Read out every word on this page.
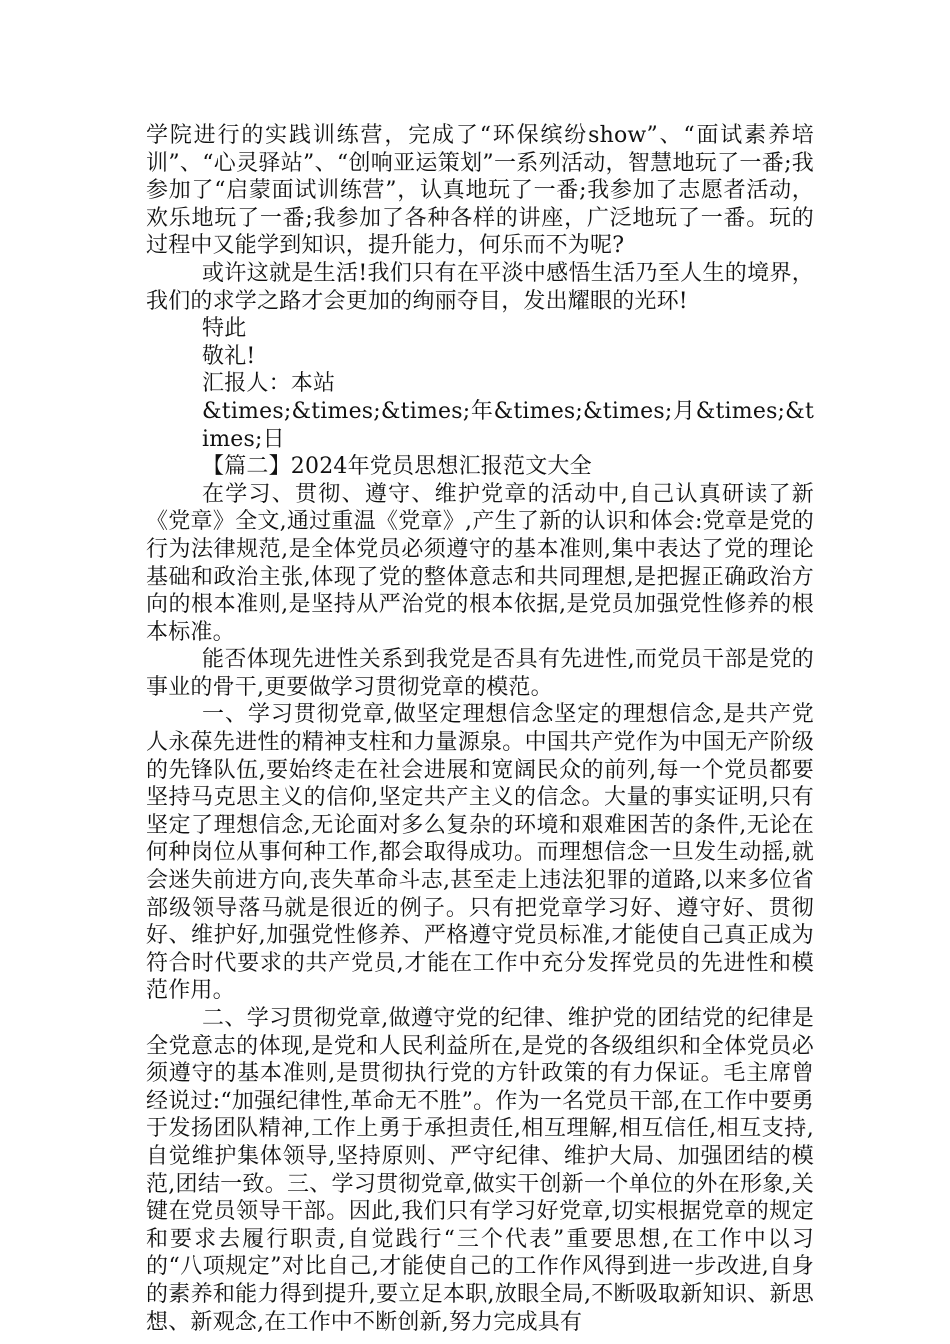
学院进行的实践训练营，完成了“环保缤纷show”、“面试素养培训”、“心灵驿站”、“创响亚运策划”一系列活动，智慧地玩了一番;我参加了“启蒙面试训练营”，认真地玩了一番;我参加了志愿者活动，欢乐地玩了一番;我参加了各种各样的讲座，广泛地玩了一番。玩的过程中又能学到知识，提升能力，何乐而不为呢?

或许这就是生活!我们只有在平淡中感悟生活乃至人生的境界，我们的求学之路才会更加的绚丽夺目，发出耀眼的光环!

特此

敬礼!

汇报人：本站

&times;&times;&times;年&times;&times;月&times;&times;日

【篇二】2024年党员思想汇报范文大全

在学习、贯彻、遵守、维护党章的活动中,自己认真研读了新《党章》全文,通过重温《党章》,产生了新的认识和体会:党章是党的行为法律规范,是全体党员必须遵守的基本准则,集中表达了党的理论基础和政治主张,体现了党的整体意志和共同理想,是把握正确政治方向的根本准则,是坚持从严治党的根本依据,是党员加强党性修养的根本标准。

能否体现先进性关系到我党是否具有先进性,而党员干部是党的事业的骨干,更要做学习贯彻党章的模范。

一、学习贯彻党章,做坚定理想信念坚定的理想信念,是共产党人永葆先进性的精神支柱和力量源泉。中国共产党作为中国无产阶级的先锋队伍,要始终走在社会进展和宽阔民众的前列,每一个党员都要坚持马克思主义的信仰,坚定共产主义的信念。大量的事实证明,只有坚定了理想信念,无论面对多么复杂的环境和艰难困苦的条件,无论在何种岗位从事何种工作,都会取得成功。而理想信念一旦发生动摇,就会迷失前进方向,丧失革命斗志,甚至走上违法犯罪的道路,以来多位省部级领导落马就是很近的例子。只有把党章学习好、遵守好、贯彻好、维护好,加强党性修养、严格遵守党员标准,才能使自己真正成为符合时代要求的共产党员,才能在工作中充分发挥党员的先进性和模范作用。

二、学习贯彻党章,做遵守党的纪律、维护党的团结党的纪律是全党意志的体现,是党和人民利益所在,是党的各级组织和全体党员必须遵守的基本准则,是贯彻执行党的方针政策的有力保证。毛主席曾经说过:“加强纪律性,革命无不胜”。作为一名党员干部,在工作中要勇于发扬团队精神,工作上勇于承担责任,相互理解,相互信任,相互支持,自觉维护集体领导,坚持原则、严守纪律、维护大局、加强团结的模范,团结一致。三、学习贯彻党章,做实干创新一个单位的外在形象,关键在党员领导干部。因此,我们只有学习好党章,切实根据党章的规定和要求去履行职责,自觉践行“三个代表”重要思想,在工作中以习的“八项规定”对比自己,才能使自己的工作作风得到进一步改进,自身的素养和能力得到提升,要立足本职,放眼全局,不断吸取新知识、新思想、新观念,在工作中不断创新,努力完成具有
